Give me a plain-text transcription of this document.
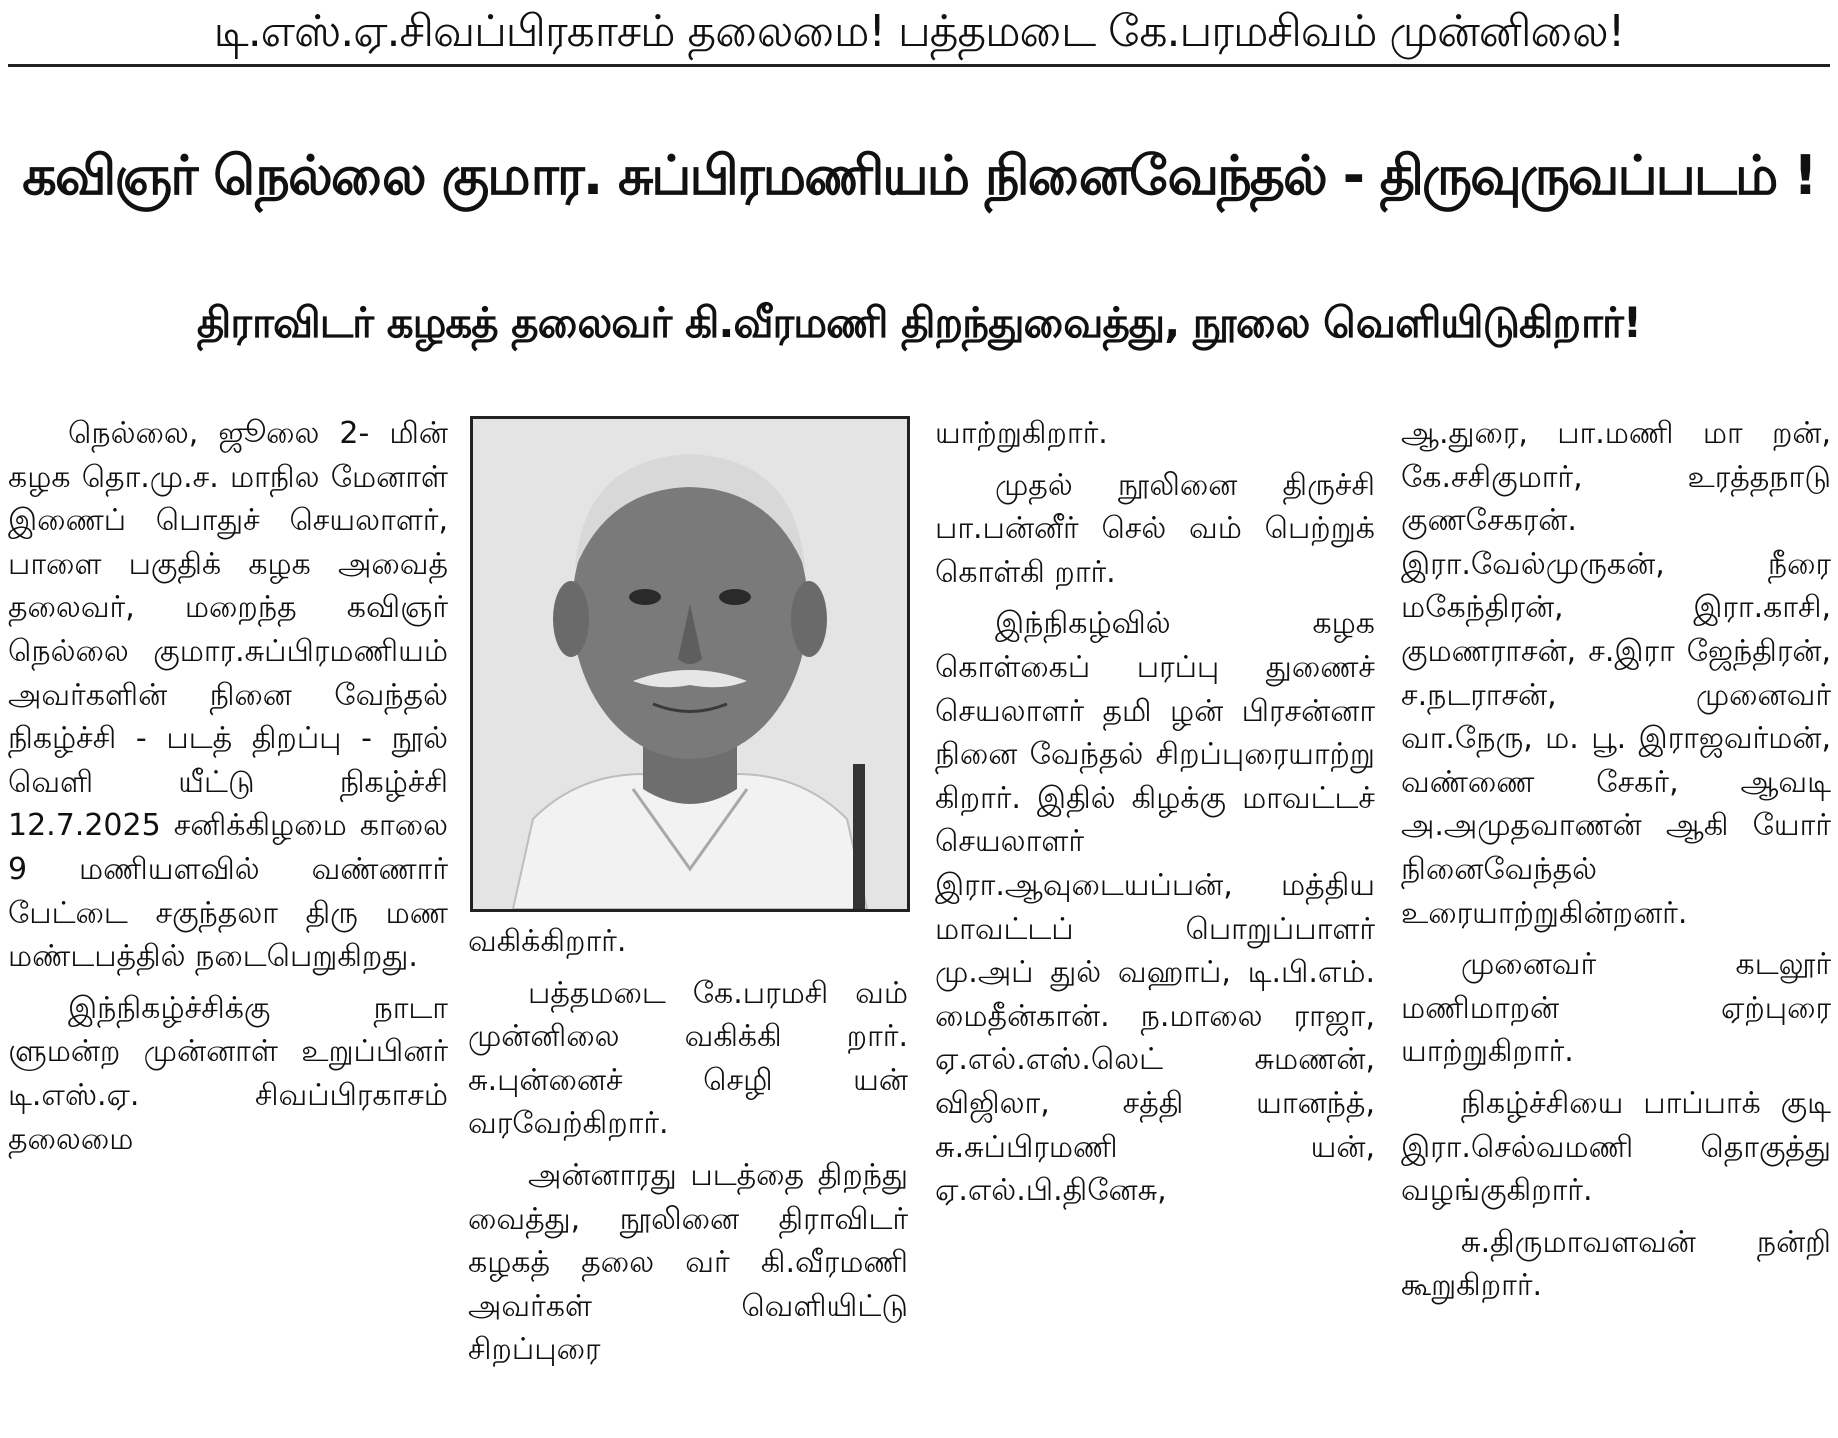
டி.எஸ்.ஏ.சிவப்பிரகாசம் தலைமை! பத்தமடை கே.பரமசிவம் முன்னிலை!
கவிஞர் நெல்லை குமார. சுப்பிரமணியம் நினைவேந்தல் - திருவுருவப்படம் !
திராவிடர் கழகத் தலைவர் கி.வீரமணி திறந்துவைத்து, நூலை வெளியிடுகிறார்!

நெல்லை, ஜூலை 2- மின் கழக தொ.மு.ச. மாநில மேனாள் இணைப் பொதுச் செயலாளர், பாளை பகுதிக் கழக அவைத் தலைவர், மறைந்த கவிஞர் நெல்லை குமார.சுப்பிரமணியம் அவர்களின் நினை வேந்தல் நிகழ்ச்சி - படத் திறப்பு - நூல் வெளி யீட்டு நிகழ்ச்சி 12.7.2025 சனிக்கிழமை காலை 9 மணியளவில் வண்ணார் பேட்டை சகுந்தலா திரு மண மண்டபத்தில் நடைபெறுகிறது.

இந்நிகழ்ச்சிக்கு நாடா ளுமன்ற முன்னாள் உறுப்பினர் டி.எஸ்.ஏ. சிவப்பிரகாசம் தலைமை

வகிக்கிறார்.

பத்தமடை கே.பரமசி வம் முன்னிலை வகிக்கி றார். சு.புன்னைச் செழி யன் வரவேற்கிறார்.

அன்னாரது படத்தை திறந்து வைத்து, நூலினை திராவிடர் கழகத் தலை வர் கி.வீரமணி அவர்கள் வெளியிட்டு சிறப்புரை

யாற்றுகிறார்.

முதல் நூலினை திருச்சி பா.பன்னீர் செல் வம் பெற்றுக் கொள்கி றார்.

இந்நிகழ்வில் கழக கொள்கைப் பரப்பு துணைச் செயலாளர் தமி ழன் பிரசன்னா நினை வேந்தல் சிறப்புரையாற்று கிறார். இதில் கிழக்கு மாவட்டச் செயலாளர் இரா.ஆவுடையப்பன், மத்திய மாவட்டப் பொறுப்பாளர் மு.அப் துல் வஹாப், டி.பி.எம். மைதீன்கான். ந.மாலை ராஜா, ஏ.எல்.எஸ்.லெட் சுமணன், விஜிலா, சத்தி யானந்த், சு.சுப்பிரமணி யன், ஏ.எல்.பி.தினேசு,

ஆ.துரை, பா.மணி மா றன், கே.சசிகுமார், உரத்தநாடு குணசேகரன். இரா.வேல்முருகன், நீரை மகேந்திரன், இரா.காசி, குமணராசன், ச.இரா ஜேந்திரன், ச.நடராசன், முனைவர் வா.நேரு, ம. பூ. இராஜவர்மன், வண்ணை சேகர், ஆவடி அ.அமுதவாணன் ஆகி யோர் நினைவேந்தல் உரையாற்றுகின்றனர்.

முனைவர் கடலூர் மணிமாறன் ஏற்புரை யாற்றுகிறார்.

நிகழ்ச்சியை பாப்பாக் குடி இரா.செல்வமணி தொகுத்து வழங்குகிறார்.

சு.திருமாவளவன் நன்றி கூறுகிறார்.
